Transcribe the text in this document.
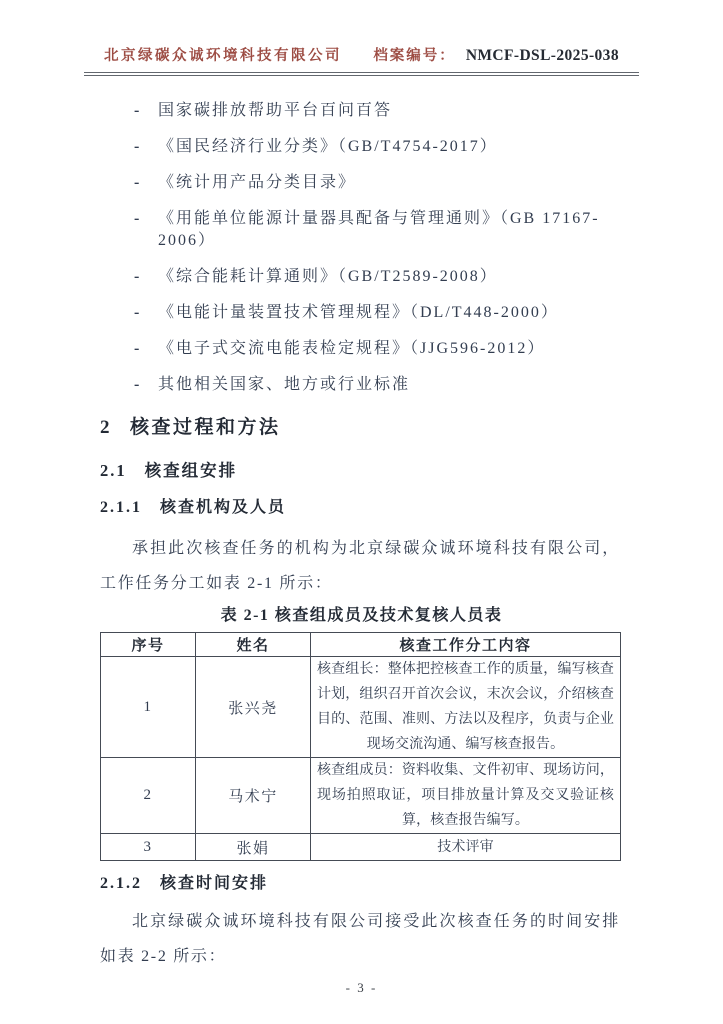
北京绿碳众诚环境科技有限公司 档案编号： NMCF-DSL-2025-038
-	国家碳排放帮助平台百问百答
-	《国民经济行业分类》（GB/T4754-2017）
-	《统计用产品分类目录》
-	《用能单位能源计量器具配备与管理通则》（GB 17167-2006）
-	《综合能耗计算通则》（GB/T2589-2008）
-	《电能计量装置技术管理规程》（DL/T448-2000）
-	《电子式交流电能表检定规程》（JJG596-2012）
-	其他相关国家、地方或行业标准
2 核查过程和方法
2.1 核查组安排
2.1.1 核查机构及人员

承担此次核查任务的机构为北京绿碳众诚环境科技有限公司，工作任务分工如表 2-1 所示：

表 2-1 核查组成员及技术复核人员表
序号	姓名	核查工作分工内容
1	张兴尧	核查组长：整体把控核查工作的质量，编写核查计划，组织召开首次会议，末次会议，介绍核查目的、范围、准则、方法以及程序，负责与企业现场交流沟通、编写核查报告。
2	马术宁	核查组成员：资料收集、文件初审、现场访问，现场拍照取证，项目排放量计算及交叉验证核算，核查报告编写。
3	张娟	技术评审
2.1.2 核查时间安排

北京绿碳众诚环境科技有限公司接受此次核查任务的时间安排如表 2-2 所示：

- 3 -
